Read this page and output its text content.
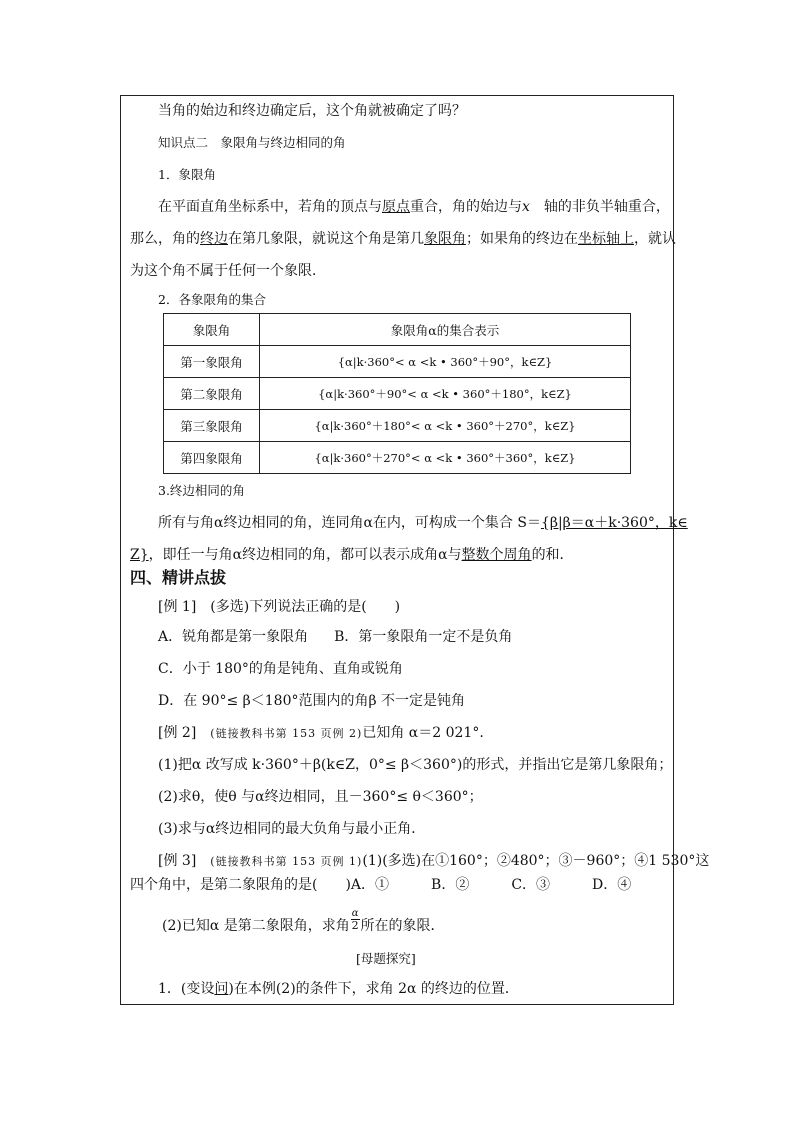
当角的始边和终边确定后，这个角就被确定了吗？
知识点二　象限角与终边相同的角
1．象限角
在平面直角坐标系中，若角的顶点与原点重合，角的始边与x　轴的非负半轴重合，
那么，角的终边在第几象限，就说这个角是第几象限角；如果角的终边在坐标轴上，就认
为这个角不属于任何一个象限．
2．各象限角的集合
象限角	象限角α的集合表示
第一象限角	{α|k·360°< α <k • 360°＋90°，k∈Z}
第二象限角	{α|k·360°＋90°< α <k • 360°＋180°，k∈Z}
第三象限角	{α|k·360°＋180°< α <k • 360°＋270°，k∈Z}
第四象限角	{α|k·360°＋270°< α <k • 360°＋360°，k∈Z}
3.终边相同的角
所有与角α终边相同的角，连同角α在内，可构成一个集合 S＝{β|β＝α＋k·360°，k∈
Z}，即任一与角α终边相同的角，都可以表示成角α与整数个周角的和．
四、精讲点拔
[例 1]　(多选)下列说法正确的是(　　)
A．锐角都是第一象限角 B．第一象限角一定不是负角
C．小于 180°的角是钝角、直角或锐角
D．在 90°≤ β＜180°范围内的角β 不一定是钝角
[例 2]　 (链接教科书第 153 页例 2)已知角 α＝2 021°.
(1)把α 改写成 k·360°＋β(k∈Z，0°≤ β＜360°)的形式，并指出它是第几象限角；
(2)求θ，使θ 与α终边相同，且－360°≤ θ＜360°；
(3)求与α终边相同的最大负角与最小正角．
[例 3]　 (链接教科书第 153 页例 1)(1)(多选)在①160°；②480°；③－960°；④1 530°这
四个角中，是第二象限角的是(　　)A．①　　　B．②　　　C．③　　　D．④
(2)已知α 是第二象限角，求角 $\frac{\alpha}{2}$ 所在的象限．
[母题探究]
1．(变设问)在本例(2)的条件下，求角 2α 的终边的位置．
